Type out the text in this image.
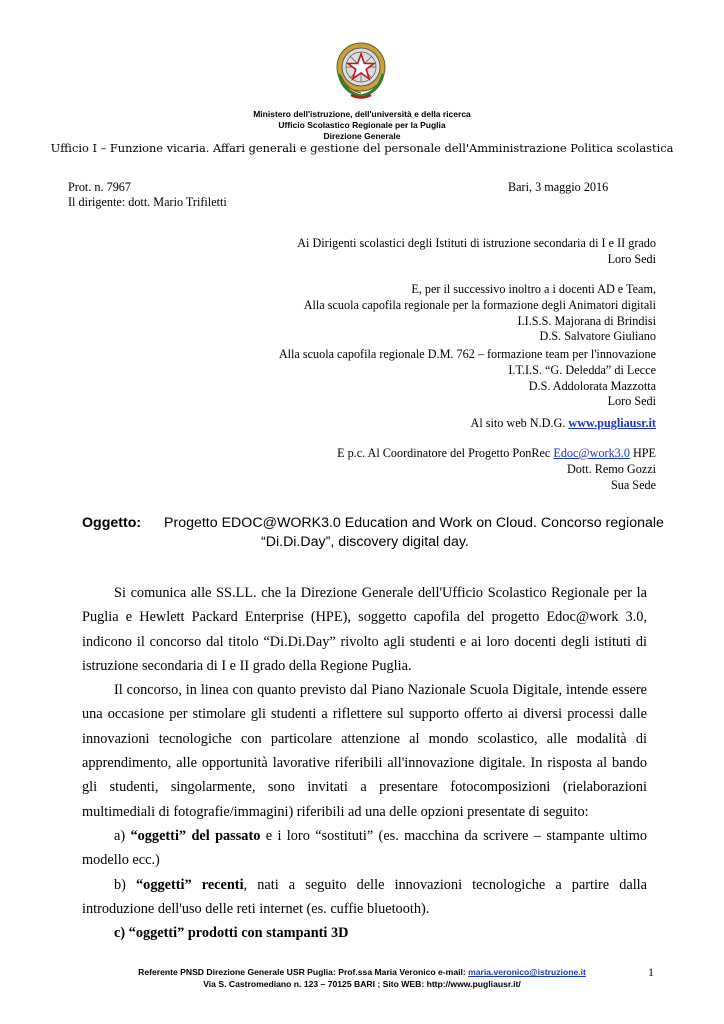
Ministero dell'istruzione, dell'università e della ricerca
Ufficio Scolastico Regionale per la Puglia
Direzione Generale
Ufficio I – Funzione vicaria. Affari generali e gestione del personale dell'Amministrazione Politica scolastica
Prot. n. 7967
Il dirigente: dott. Mario Trifiletti
Bari, 3 maggio 2016
Ai Dirigenti scolastici degli Istituti di istruzione secondaria di I e II grado
Loro Sedi
E, per il successivo inoltro a i docenti AD e Team,
Alla scuola capofila regionale per la formazione degli Animatori digitali
I.I.S.S. Majorana di Brindisi
D.S. Salvatore Giuliano
Alla scuola capofila regionale D.M. 762 – formazione team per l'innovazione
I.T.I.S. “G. Deledda” di Lecce
D.S. Addolorata Mazzotta
Loro Sedi
Al sito web N.D.G. www.pugliausr.it
E p.c. Al Coordinatore del Progetto PonRec Edoc@work3.0 HPE
Dott. Remo Gozzi
Sua Sede
Oggetto: Progetto EDOC@WORK3.0 Education and Work on Cloud. Concorso regionale
“Di.Di.Day”, discovery digital day.

Si comunica alle SS.LL. che la Direzione Generale dell'Ufficio Scolastico Regionale per la Puglia e Hewlett Packard Enterprise (HPE), soggetto capofila del progetto Edoc@work 3.0, indicono il concorso dal titolo “Di.Di.Day” rivolto agli studenti e ai loro docenti degli istituti di istruzione secondaria di I e II grado della Regione Puglia.

Il concorso, in linea con quanto previsto dal Piano Nazionale Scuola Digitale, intende essere una occasione per stimolare gli studenti a riflettere sul supporto offerto ai diversi processi dalle innovazioni tecnologiche con particolare attenzione al mondo scolastico, alle modalità di apprendimento, alle opportunità lavorative riferibili all'innovazione digitale. In risposta al bando gli studenti, singolarmente, sono invitati a presentare fotocomposizioni (rielaborazioni multimediali di fotografie/immagini) riferibili ad una delle opzioni presentate di seguito:

a) “oggetti” del passato e i loro “sostituti” (es. macchina da scrivere – stampante ultimo modello ecc.)

b) “oggetti” recenti, nati a seguito delle innovazioni tecnologiche a partire dalla introduzione dell'uso delle reti internet (es. cuffie bluetooth).

c) “oggetti” prodotti con stampanti 3D

Referente PNSD Direzione Generale USR Puglia: Prof.ssa Maria Veronico e-mail: maria.veronico@istruzione.it
Via S. Castromediano n. 123 – 70125 BARI ; Sito WEB: http://www.pugliausr.it/
1
